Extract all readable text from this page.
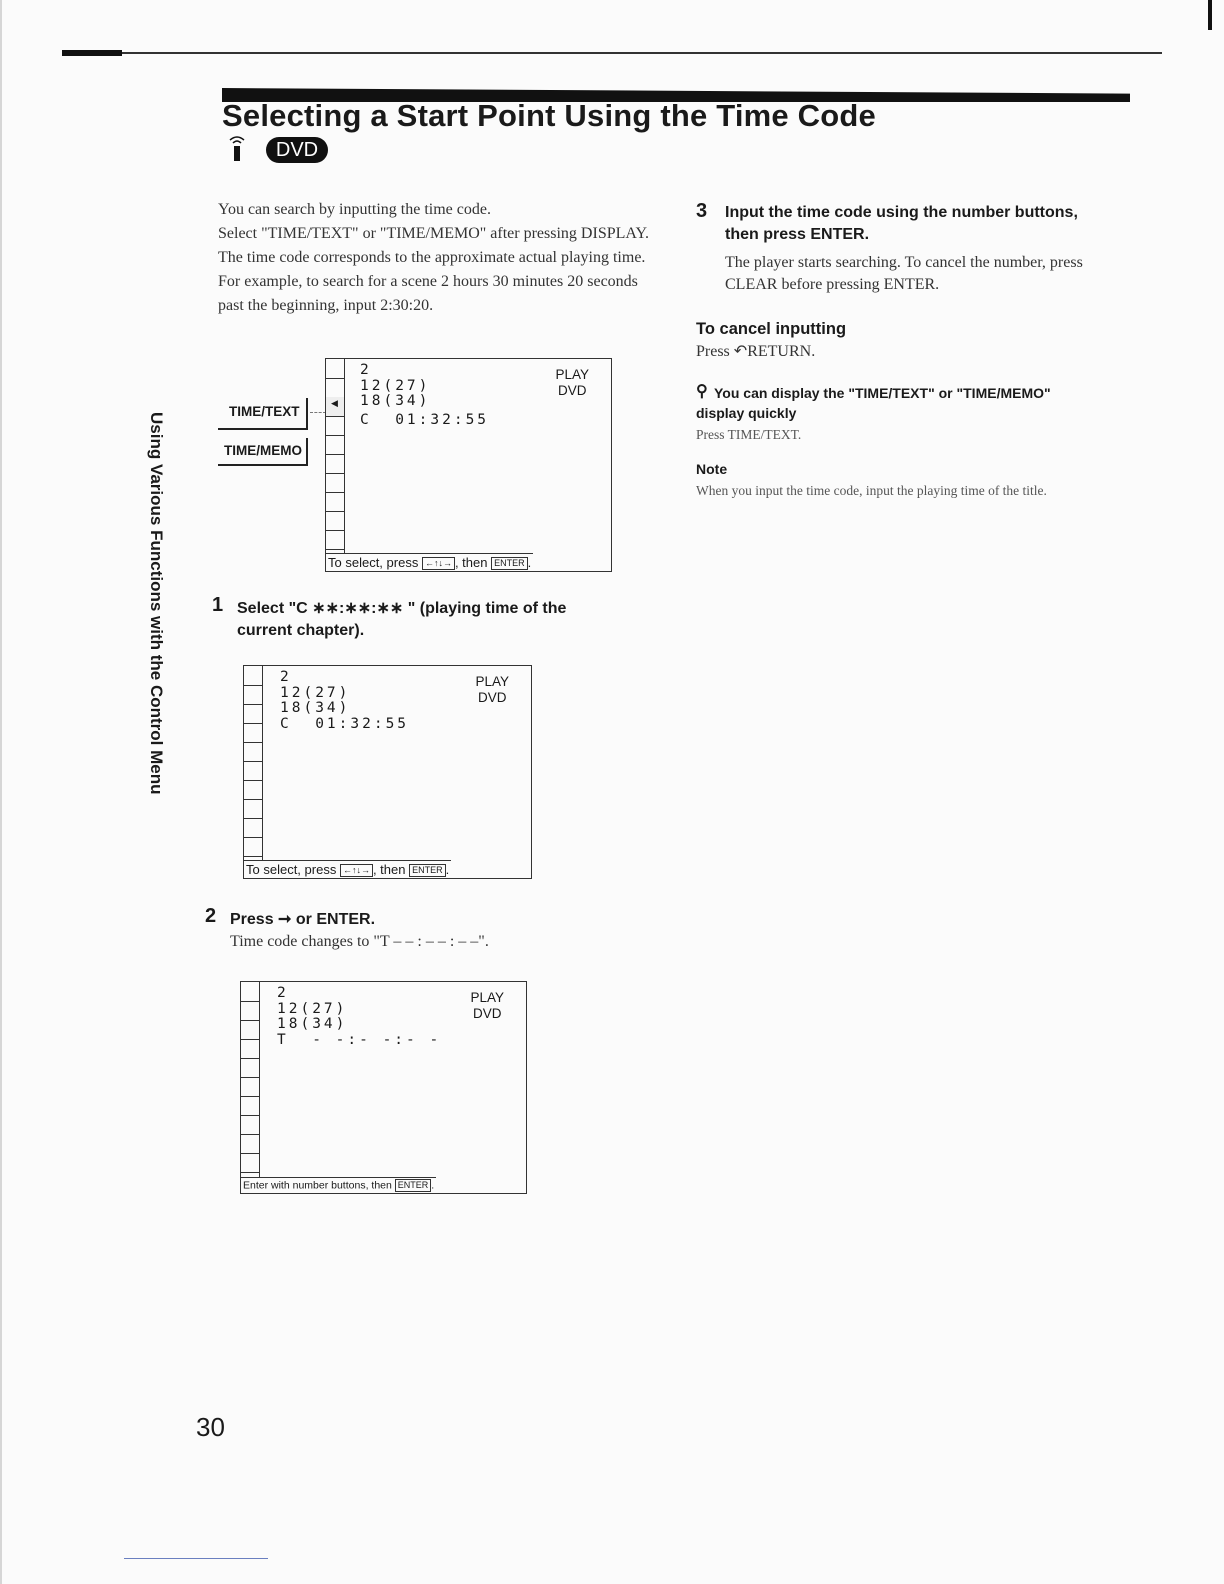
Selecting a Start Point Using the Time Code
DVD
Using Various Functions with the Control Menu

You can search by inputting the time code.

Select "TIME/TEXT" or "TIME/MEMO" after pressing DISPLAY.

The time code corresponds to the approximate actual playing time. For example, to search for a scene 2 hours 30 minutes 20 seconds past the beginning, input 2:30:20.

TIME/TEXT
TIME/MEMO
◀
2
12(27)
18(34)
C  01:32:55
PLAY
DVD
To select, press ←↑↓→ , then ENTER .
1 Select "C ∗∗:∗∗:∗∗ " (playing time of the current chapter).
2
12(27)
18(34)
C  01:32:55
PLAY
DVD
To select, press ←↑↓→ , then ENTER .
2 Press ➞ or ENTER.
Time code changes to "T – – : – – : – –".
2
12(27)
18(34)
T  - -:- -:- -
PLAY
DVD
Enter with number buttons, then ENTER .
3 Input the time code using the number buttons, then press ENTER.
The player starts searching. To cancel the number, press CLEAR before pressing ENTER.
To cancel inputting
Press ↶RETURN.
⚲ You can display the "TIME/TEXT" or "TIME/MEMO" display quickly
Press TIME/TEXT.
Note
When you input the time code, input the playing time of the title.
30
